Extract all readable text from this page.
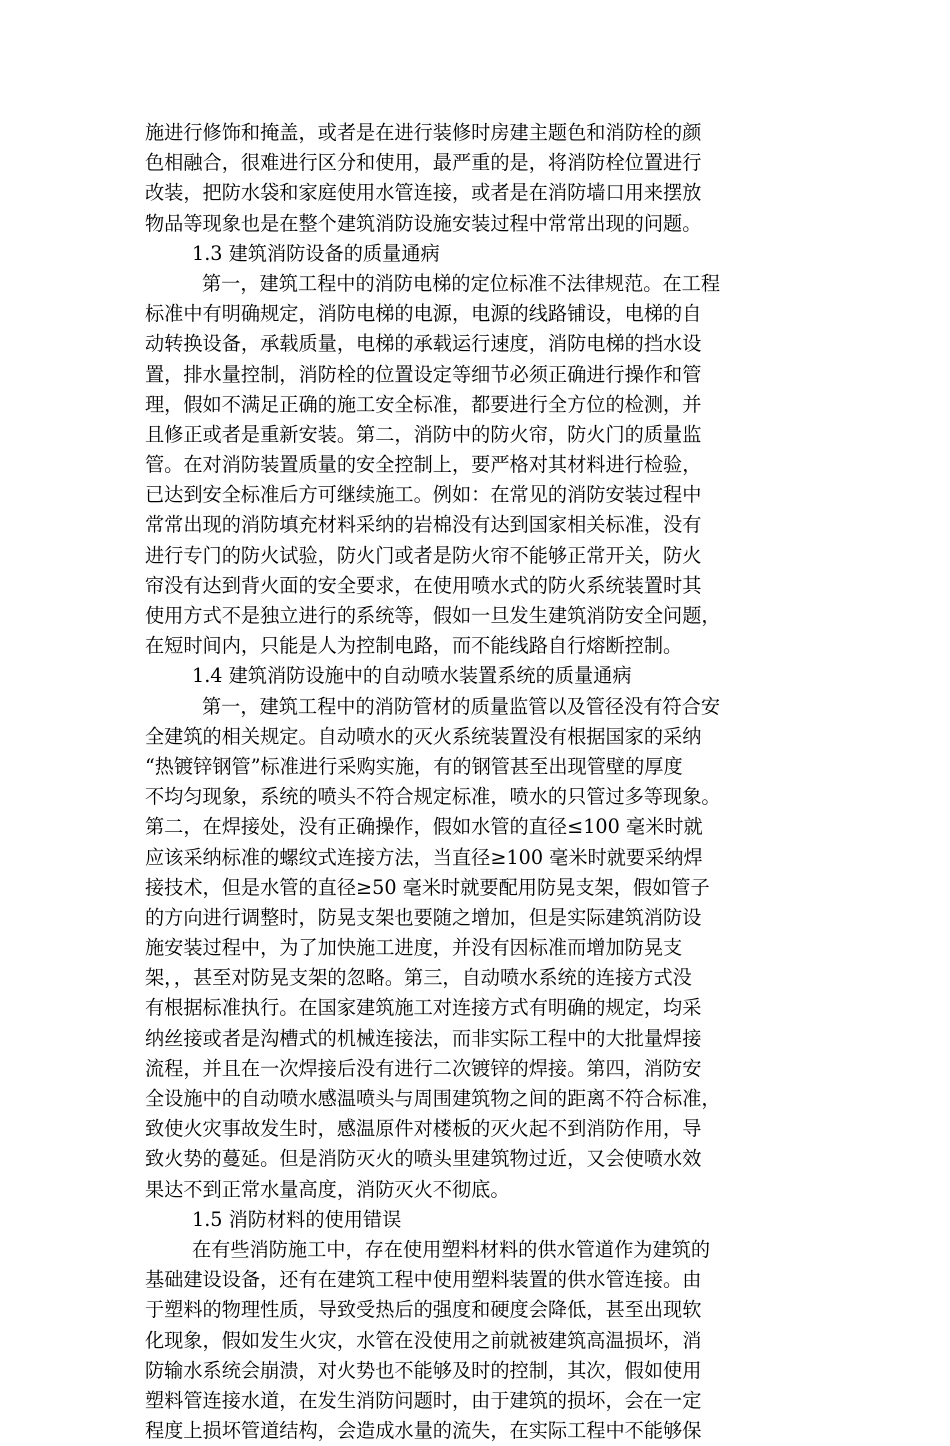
施进行修饰和掩盖，或者是在进行装修时房建主题色和消防栓的颜
色相融合，很难进行区分和使用，最严重的是，将消防栓位置进行
改装，把防水袋和家庭使用水管连接，或者是在消防墙口用来摆放
物品等现象也是在整个建筑消防设施安装过程中常常出现的问题。
1.3 建筑消防设备的质量通病
第一，建筑工程中的消防电梯的定位标准不法律规范。在工程
标准中有明确规定，消防电梯的电源，电源的线路铺设，电梯的自
动转换设备，承载质量，电梯的承载运行速度，消防电梯的挡水设
置，排水量控制，消防栓的位置设定等细节必须正确进行操作和管
理，假如不满足正确的施工安全标准，都要进行全方位的检测，并
且修正或者是重新安装。第二，消防中的防火帘，防火门的质量监
管。在对消防装置质量的安全控制上，要严格对其材料进行检验，
已达到安全标准后方可继续施工。例如：在常见的消防安装过程中
常常出现的消防填充材料采纳的岩棉没有达到国家相关标准，没有
进行专门的防火试验，防火门或者是防火帘不能够正常开关，防火
帘没有达到背火面的安全要求，在使用喷水式的防火系统装置时其
使用方式不是独立进行的系统等，假如一旦发生建筑消防安全问题，
在短时间内，只能是人为控制电路，而不能线路自行熔断控制。
1.4 建筑消防设施中的自动喷水装置系统的质量通病
第一，建筑工程中的消防管材的质量监管以及管径没有符合安
全建筑的相关规定。自动喷水的灭火系统装置没有根据国家的采纳
“热镀锌钢管”标准进行采购实施，有的钢管甚至出现管壁的厚度
不均匀现象，系统的喷头不符合规定标准，喷水的只管过多等现象。
第二，在焊接处，没有正确操作，假如水管的直径≤100 毫米时就
应该采纳标准的螺纹式连接方法，当直径≥100 毫米时就要采纳焊
接技术，但是水管的直径≥50 毫米时就要配用防晃支架，假如管子
的方向进行调整时，防晃支架也要随之增加，但是实际建筑消防设
施安装过程中，为了加快施工进度，并没有因标准而增加防晃支
架，，甚至对防晃支架的忽略。第三，自动喷水系统的连接方式没
有根据标准执行。在国家建筑施工对连接方式有明确的规定，均采
纳丝接或者是沟槽式的机械连接法，而非实际工程中的大批量焊接
流程，并且在一次焊接后没有进行二次镀锌的焊接。第四，消防安
全设施中的自动喷水感温喷头与周围建筑物之间的距离不符合标准，
致使火灾事故发生时，感温原件对楼板的灭火起不到消防作用，导
致火势的蔓延。但是消防灭火的喷头里建筑物过近，又会使喷水效
果达不到正常水量高度，消防灭火不彻底。
1.5 消防材料的使用错误
在有些消防施工中，存在使用塑料材料的供水管道作为建筑的
基础建设设备，还有在建筑工程中使用塑料装置的供水管连接。由
于塑料的物理性质，导致受热后的强度和硬度会降低，甚至出现软
化现象，假如发生火灾，水管在没使用之前就被建筑高温损坏，消
防输水系统会崩溃，对火势也不能够及时的控制，其次，假如使用
塑料管连接水道，在发生消防问题时，由于建筑的损坏，会在一定
程度上损坏管道结构，会造成水量的流失，在实际工程中不能够保
